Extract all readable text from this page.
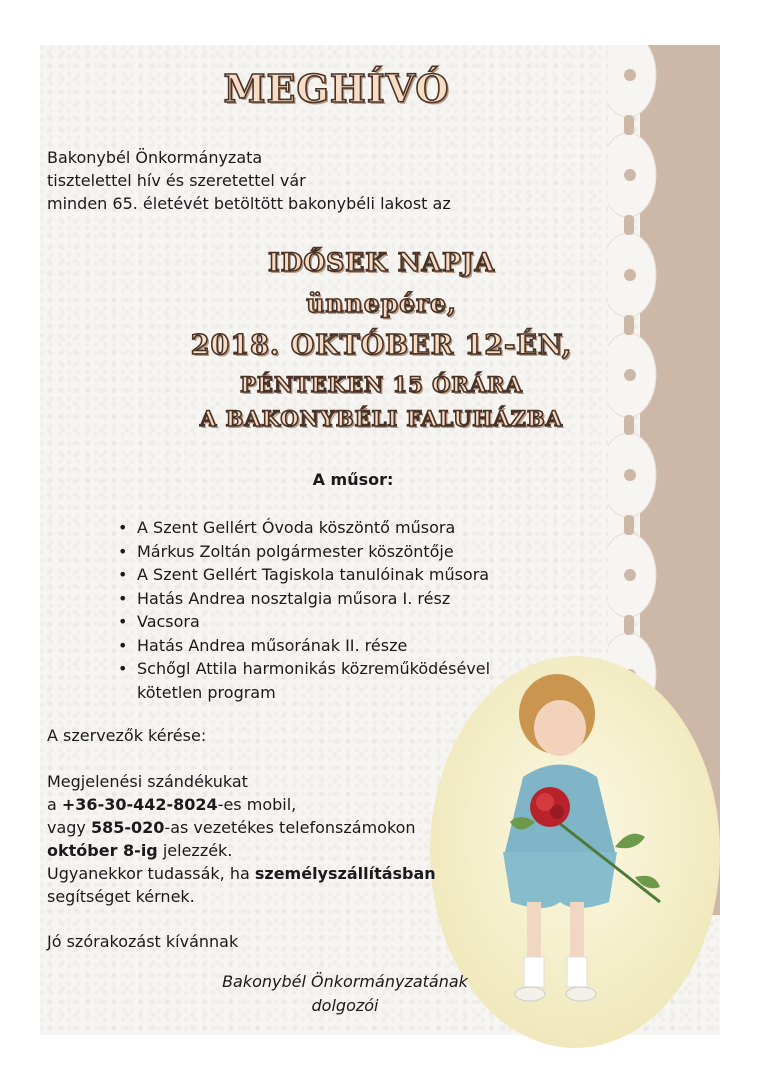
MEGHÍVÓ
Bakonybél Önkormányzata
tisztelettel hív és szeretettel vár
minden 65. életévét betöltött bakonybéli lakost az
IDŐSEK NAPJA
ünnepére,
2018. OKTÓBER 12-ÉN,
PÉNTEKEN 15 ÓRÁRA
A BAKONYBÉLI FALUHÁZBA
A műsor:
• A Szent Gellért Óvoda köszöntő műsora
• Márkus Zoltán polgármester köszöntője
• A Szent Gellért Tagiskola tanulóinak műsora
• Hatás Andrea nosztalgia műsora I. rész
• Vacsora
• Hatás Andrea műsorának II. része
• Schőgl Attila harmonikás közreműködésével
kötetlen program
A szervezők kérése:
Megjelenési szándékukat
a +36-30-442-8024-es mobil,
vagy 585-020-as vezetékes telefonszámokon
október 8-ig jelezzék.
Ugyanekkor tudassák, ha személyszállításban
segítséget kérnek.
Jó szórakozást kívánnak
Bakonybél Önkormányzatának
dolgozói
